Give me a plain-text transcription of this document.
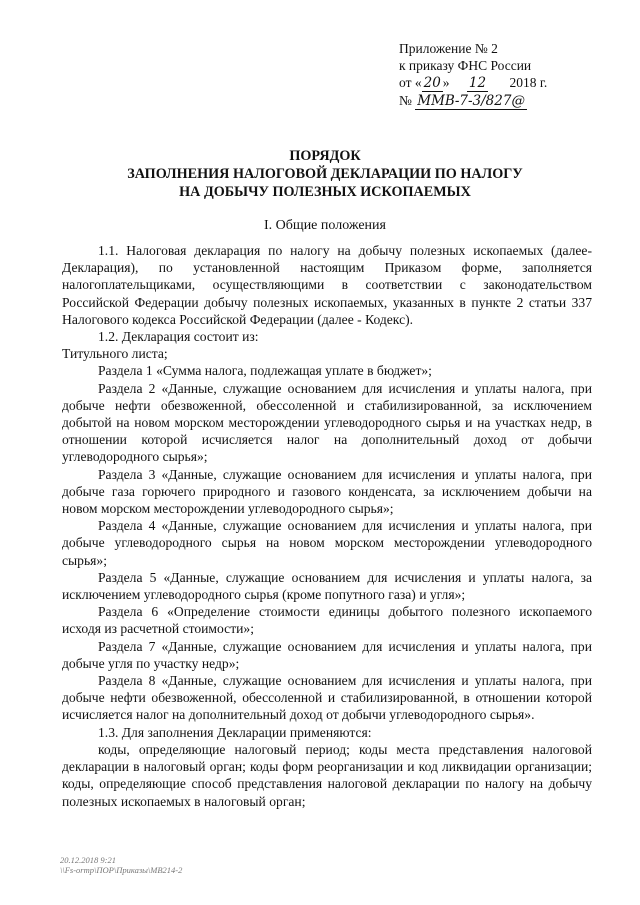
Приложение № 2
к приказу ФНС России
от « 20 » 12 2018 г.
№ ММВ-7-3/827@
ПОРЯДОК
ЗАПОЛНЕНИЯ НАЛОГОВОЙ ДЕКЛАРАЦИИ ПО НАЛОГУ
НА ДОБЫЧУ ПОЛЕЗНЫХ ИСКОПАЕМЫХ
I. Общие положения

1.1. Налоговая декларация по налогу на добычу полезных ископаемых (далее- Декларация), по установленной настоящим Приказом форме, заполняется налогоплательщиками, осуществляющими в соответствии с законодательством Российской Федерации добычу полезных ископаемых, указанных в пункте 2 статьи 337 Налогового кодекса Российской Федерации (далее - Кодекс).

1.2. Декларация состоит из:

Титульного листа;

Раздела 1 «Сумма налога, подлежащая уплате в бюджет»;

Раздела 2 «Данные, служащие основанием для исчисления и уплаты налога, при добыче нефти обезвоженной, обессоленной и стабилизированной, за исключением добытой на новом морском месторождении углеводородного сырья и на участках недр, в отношении которой исчисляется налог на дополнительный доход от добычи углеводородного сырья»;

Раздела 3 «Данные, служащие основанием для исчисления и уплаты налога, при добыче газа горючего природного и газового конденсата, за исключением добычи на новом морском месторождении углеводородного сырья»;

Раздела 4 «Данные, служащие основанием для исчисления и уплаты налога, при добыче углеводородного сырья на новом морском месторождении углеводородного сырья»;

Раздела 5 «Данные, служащие основанием для исчисления и уплаты налога, за исключением углеводородного сырья (кроме попутного газа) и угля»;

Раздела 6 «Определение стоимости единицы добытого полезного ископаемого исходя из расчетной стоимости»;

Раздела 7 «Данные, служащие основанием для исчисления и уплаты налога, при добыче угля по участку недр»;

Раздела 8 «Данные, служащие основанием для исчисления и уплаты налога, при добыче нефти обезвоженной, обессоленной и стабилизированной, в отношении которой исчисляется налог на дополнительный доход от добычи углеводородного сырья».

1.3. Для заполнения Декларации применяются:

коды, определяющие налоговый период; коды места представления налоговой декларации в налоговый орган; коды форм реорганизации и код ликвидации организации; коды, определяющие способ представления налоговой декларации по налогу на добычу полезных ископаемых в налоговый орган;

20.12.2018 9:21
\\Fs-ormp\ПОР\Приказы\МВ214-2
